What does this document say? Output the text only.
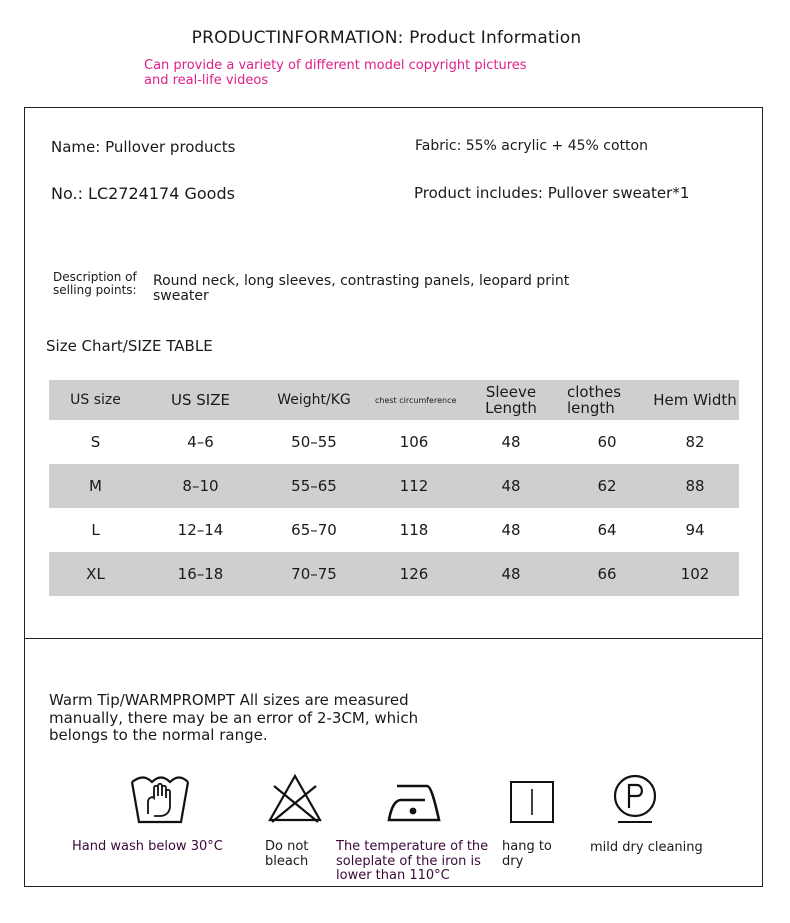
PRODUCTINFORMATION: Product Information
Can provide a variety of different model copyright pictures
and real-life videos
Name: Pullover products
No.: LC2724174 Goods
Fabric: 55% acrylic + 45% cotton
Product includes: Pullover sweater*1
Description of
selling points:
Round neck, long sleeves, contrasting panels, leopard print sweater
Size Chart/SIZE TABLE
US size	US SIZE	Weight/KG	chest circumference	Sleeve Length	clothes length	Hem Width
S	4–6	50–55	106	48	60	82
M	8–10	55–65	112	48	62	88
L	12–14	65–70	118	48	64	94
XL	16–18	70–75	126	48	66	102
Warm Tip/WARMPROMPT All sizes are measured manually, there may be an error of 2-3CM, which belongs to the normal range.
Hand wash below 30°C	Do not bleach
The temperature of the soleplate of the iron is lower than 110°C
hang to dry
mild dry cleaning
